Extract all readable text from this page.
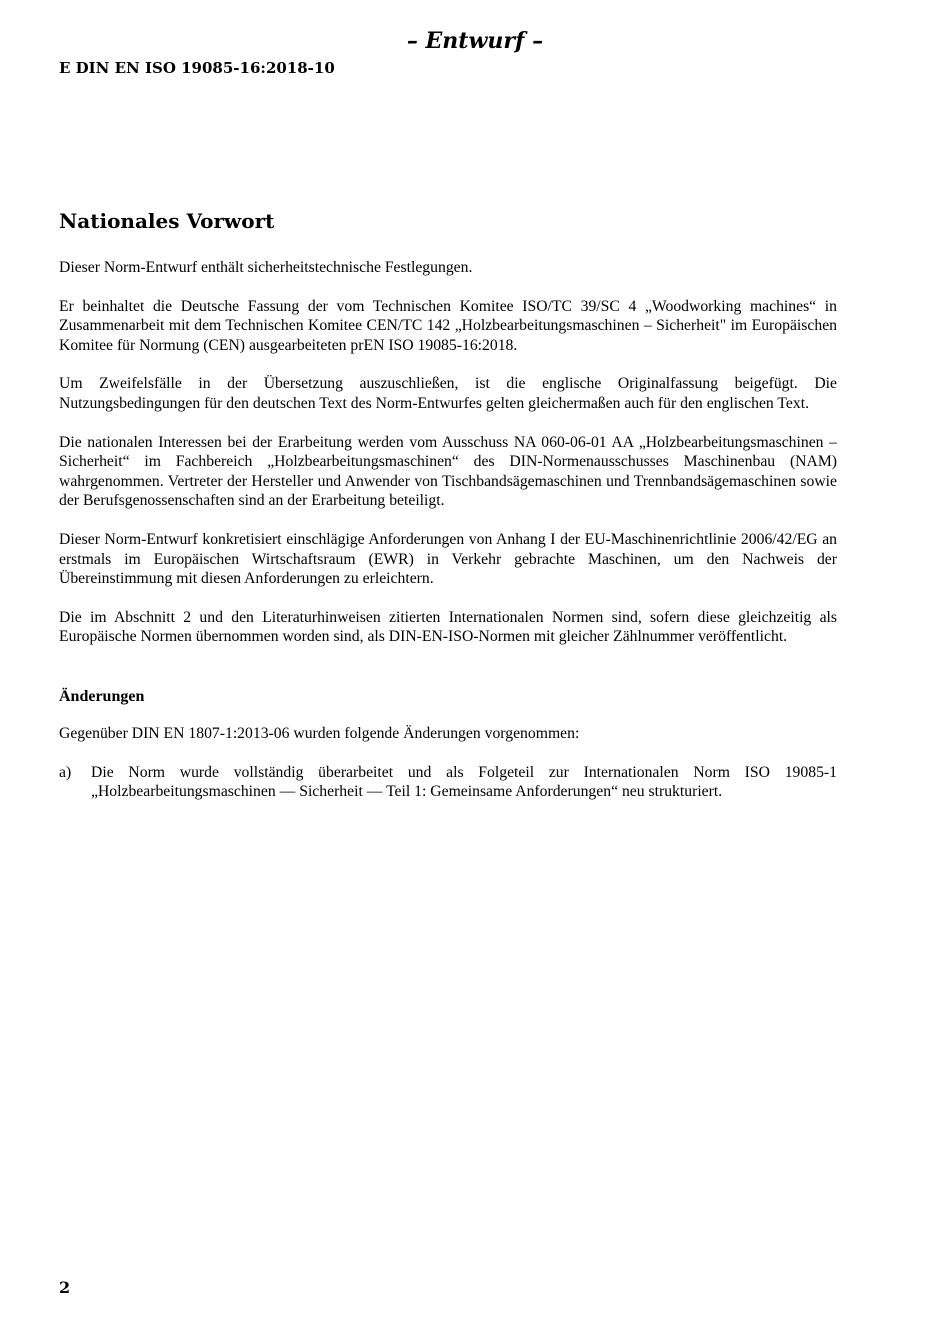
– Entwurf –
E DIN EN ISO 19085-16:2018-10
Nationales Vorwort

Dieser Norm-Entwurf enthält sicherheitstechnische Festlegungen.

Er beinhaltet die Deutsche Fassung der vom Technischen Komitee ISO/TC 39/SC 4 „Woodworking machines“ in Zusammenarbeit mit dem Technischen Komitee CEN/TC 142 „Holzbearbeitungsmaschinen – Sicherheit" im Europäischen Komitee für Normung (CEN) ausgearbeiteten prEN ISO 19085-16:2018.

Um Zweifelsfälle in der Übersetzung auszuschließen, ist die englische Originalfassung beigefügt. Die Nutzungsbedingungen für den deutschen Text des Norm-Entwurfes gelten gleichermaßen auch für den englischen Text.

Die nationalen Interessen bei der Erarbeitung werden vom Ausschuss NA 060-06-01 AA „Holzbearbeitungsmaschinen – Sicherheit“ im Fachbereich „Holzbearbeitungsmaschinen“ des DIN-Normenausschusses Maschinenbau (NAM) wahrgenommen. Vertreter der Hersteller und Anwender von Tischbandsägemaschinen und Trennbandsägemaschinen sowie der Berufsgenossenschaften sind an der Erarbeitung beteiligt.

Dieser Norm-Entwurf konkretisiert einschlägige Anforderungen von Anhang I der EU-Maschinenrichtlinie 2006/42/EG an erstmals im Europäischen Wirtschaftsraum (EWR) in Verkehr gebrachte Maschinen, um den Nachweis der Übereinstimmung mit diesen Anforderungen zu erleichtern.

Die im Abschnitt 2 und den Literaturhinweisen zitierten Internationalen Normen sind, sofern diese gleichzeitig als Europäische Normen übernommen worden sind, als DIN-EN-ISO-Normen mit gleicher Zählnummer veröffentlicht.

Änderungen

Gegenüber DIN EN 1807-1:2013-06 wurden folgende Änderungen vorgenommen:

a) Die Norm wurde vollständig überarbeitet und als Folgeteil zur Internationalen Norm ISO 19085-1 „Holzbearbeitungsmaschinen — Sicherheit — Teil 1: Gemeinsame Anforderungen“ neu strukturiert.
2
